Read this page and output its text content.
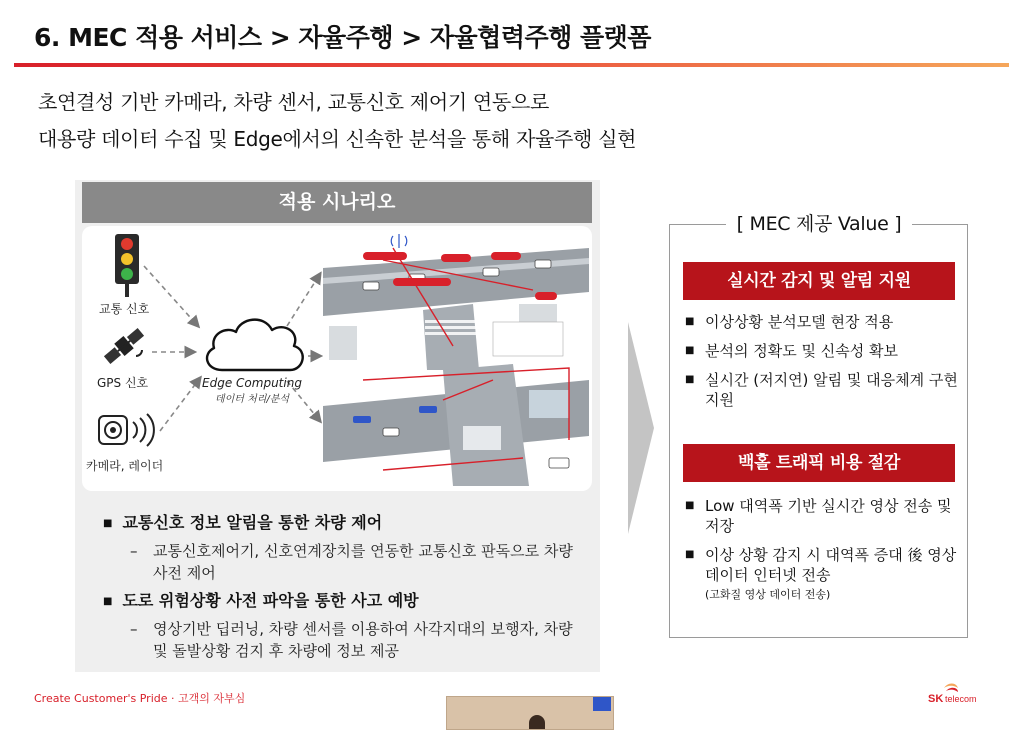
6. MEC 적용 서비스 > 자율주행 > 자율협력주행 플랫폼
초연결성 기반 카메라, 차량 센서, 교통신호 제어기 연동으로
대용량 데이터 수집 및 Edge에서의 신속한 분석을 통해 자율주행 실현
적용 시나리오
교통 신호
GPS 신호
카메라, 레이더
Edge Computing
데이터 처리/분석
■ 교통신호 정보 알림을 통한 차량 제어
–	교통신호제어기, 신호연계장치를 연동한 교통신호 판독으로 차량 사전 제어
■ 도로 위험상황 사전 파악을 통한 사고 예방
–	영상기반 딥러닝, 차량 센서를 이용하여 사각지대의 보행자, 차량 및 돌발상황 검지 후 차량에 정보 제공
[ MEC 제공 Value ]
실시간 감지 및 알림 지원
■ 이상상황 분석모델 현장 적용
■ 분석의 정확도 및 신속성 확보
■ 실시간 (저지연) 알림 및 대응체계 구현 지원
백홀 트래픽 비용 절감
■ Low 대역폭 기반 실시간 영상 전송 및 저장
■ 이상 상황 감지 시 대역폭 증대 後 영상 데이터 인터넷 전송
(고화질 영상 데이터 전송)
Create Customer's Pride · 고객의 자부심	SK telecom
